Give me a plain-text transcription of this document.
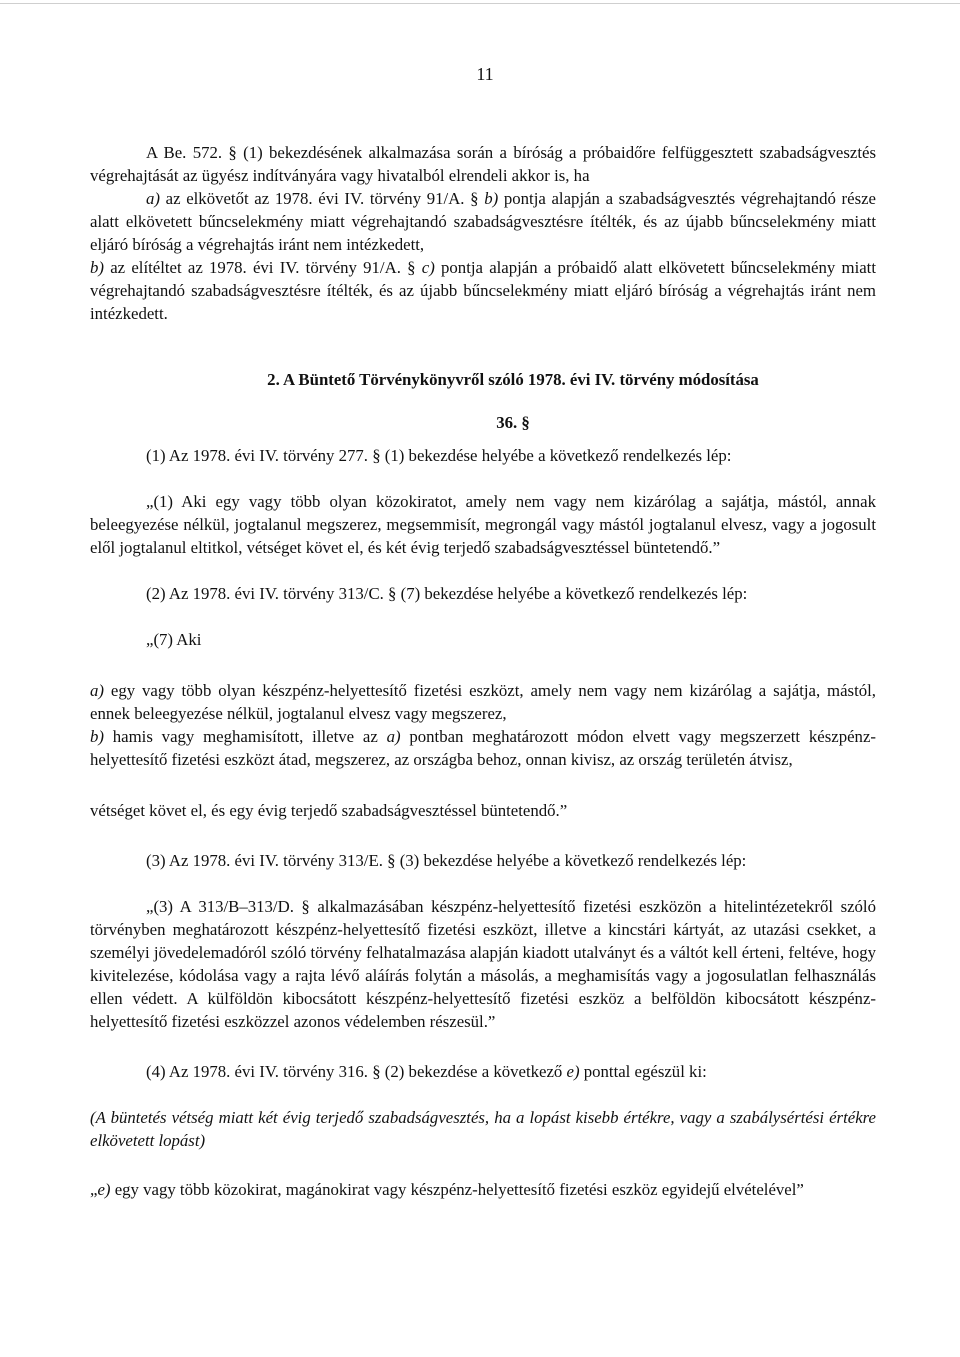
11

A Be. 572. § (1) bekezdésének alkalmazása során a bíróság a próbaidőre felfüggesztett szabadságvesztés végrehajtását az ügyész indítványára vagy hivatalból elrendeli akkor is, ha

a) az elkövetőt az 1978. évi IV. törvény 91/A. § b) pontja alapján a szabadságvesztés végrehajtandó része alatt elkövetett bűncselekmény miatt végrehajtandó szabadságvesztésre ítélték, és az újabb bűncselekmény miatt eljáró bíróság a végrehajtás iránt nem intézkedett,

b) az elítéltet az 1978. évi IV. törvény 91/A. § c) pontja alapján a próbaidő alatt elkövetett bűncselekmény miatt végrehajtandó szabadságvesztésre ítélték, és az újabb bűncselekmény miatt eljáró bíróság a végrehajtás iránt nem intézkedett.

2. A Büntető Törvénykönyvről szóló 1978. évi IV. törvény módosítása

36. §

(1) Az 1978. évi IV. törvény 277. § (1) bekezdése helyébe a következő rendelkezés lép:

„(1) Aki egy vagy több olyan közokiratot, amely nem vagy nem kizárólag a sajátja, mástól, annak beleegyezése nélkül, jogtalanul megszerez, megsemmisít, megrongál vagy mástól jogtalanul elvesz, vagy a jogosult elől jogtalanul eltitkol, vétséget követ el, és két évig terjedő szabadságvesztéssel büntetendő.”

(2) Az 1978. évi IV. törvény 313/C. § (7) bekezdése helyébe a következő rendelkezés lép:

„(7) Aki

a) egy vagy több olyan készpénz-helyettesítő fizetési eszközt, amely nem vagy nem kizárólag a sajátja, mástól, ennek beleegyezése nélkül, jogtalanul elvesz vagy megszerez,

b) hamis vagy meghamisított, illetve az a) pontban meghatározott módon elvett vagy megszerzett készpénz-helyettesítő fizetési eszközt átad, megszerez, az országba behoz, onnan kivisz, az ország területén átvisz,

vétséget követ el, és egy évig terjedő szabadságvesztéssel büntetendő.”

(3) Az 1978. évi IV. törvény 313/E. § (3) bekezdése helyébe a következő rendelkezés lép:

„(3) A 313/B–313/D. § alkalmazásában készpénz-helyettesítő fizetési eszközön a hitelintézetekről szóló törvényben meghatározott készpénz-helyettesítő fizetési eszközt, illetve a kincstári kártyát, az utazási csekket, a személyi jövedelemadóról szóló törvény felhatalmazása alapján kiadott utalványt és a váltót kell érteni, feltéve, hogy kivitelezése, kódolása vagy a rajta lévő aláírás folytán a másolás, a meghamisítás vagy a jogosulatlan felhasználás ellen védett. A külföldön kibocsátott készpénz-helyettesítő fizetési eszköz a belföldön kibocsátott készpénz-helyettesítő fizetési eszközzel azonos védelemben részesül.”

(4) Az 1978. évi IV. törvény 316. § (2) bekezdése a következő e) ponttal egészül ki:

(A büntetés vétség miatt két évig terjedő szabadságvesztés, ha a lopást kisebb értékre, vagy a szabálysértési értékre elkövetett lopást)

„e) egy vagy több közokirat, magánokirat vagy készpénz-helyettesítő fizetési eszköz egyidejű elvételével”
